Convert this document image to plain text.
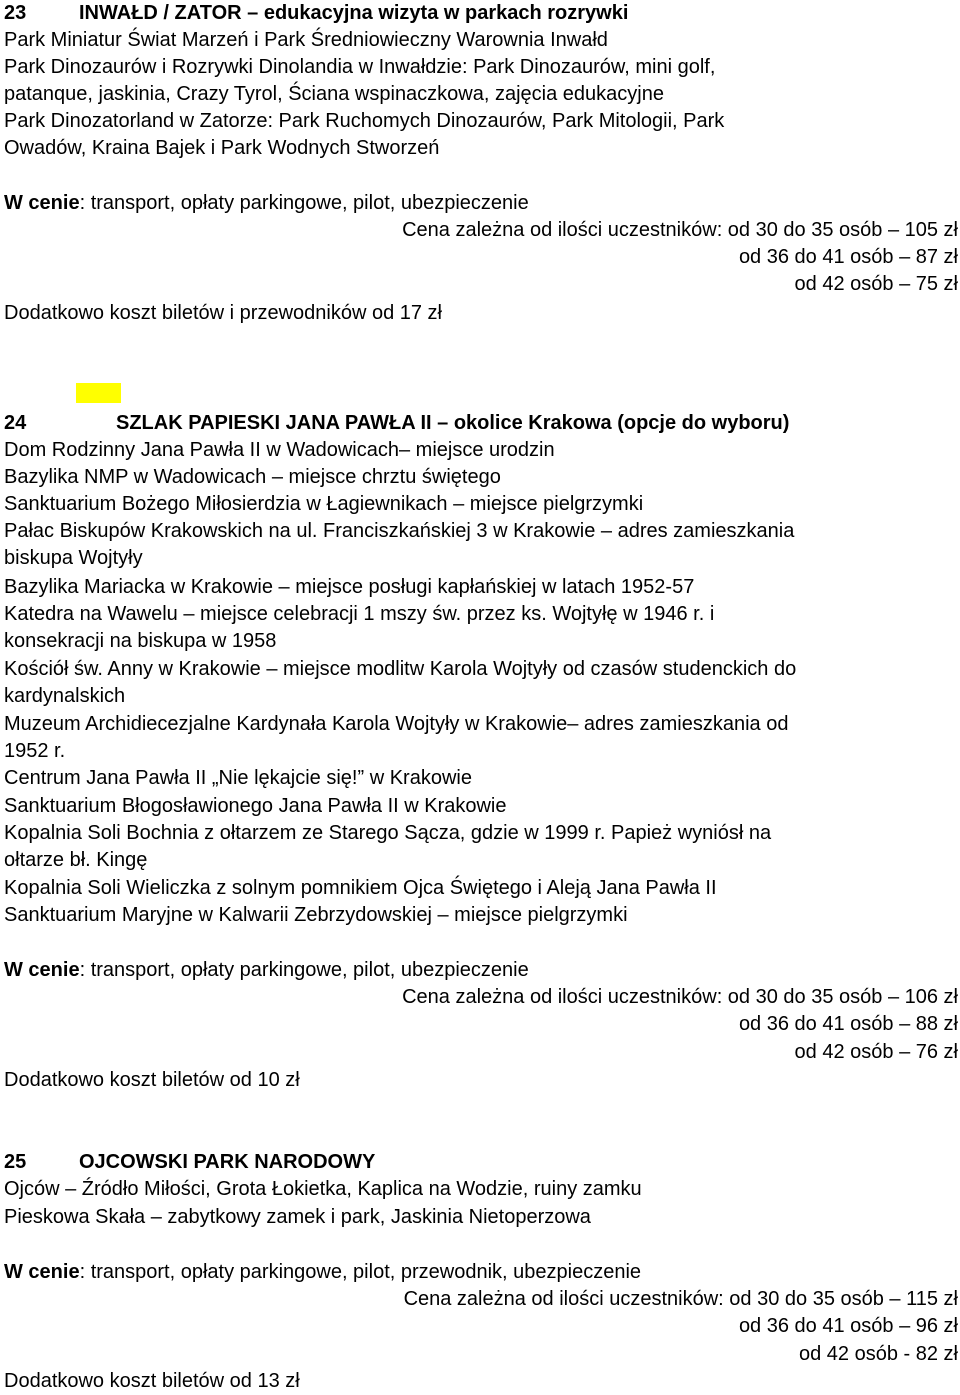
23	INWAŁD / ZATOR – edukacyjna wizyta w parkach rozrywki
Park Miniatur Świat Marzeń i Park Średniowieczny Warownia Inwałd
Park Dinozaurów i Rozrywki Dinolandia w Inwałdzie: Park Dinozaurów, mini golf,
patanque, jaskinia, Crazy Tyrol, Ściana wspinaczkowa, zajęcia edukacyjne
Park Dinozatorland w Zatorze: Park Ruchomych Dinozaurów, Park Mitologii, Park
Owadów, Kraina Bajek i Park Wodnych Stworzeń
W cenie: transport, opłaty parkingowe, pilot, ubezpieczenie
Cena zależna od ilości uczestników: od 30 do 35 osób – 105 zł
od 36 do 41 osób – 87 zł
od 42 osób – 75 zł
Dodatkowo koszt biletów i przewodników od 17 zł
24	SZLAK PAPIESKI JANA PAWŁA II – okolice Krakowa (opcje do wyboru)
Dom Rodzinny Jana Pawła II w Wadowicach– miejsce urodzin
Bazylika NMP w Wadowicach – miejsce chrztu świętego
Sanktuarium Bożego Miłosierdzia w Łagiewnikach – miejsce pielgrzymki
Pałac Biskupów Krakowskich na ul. Franciszkańskiej 3 w Krakowie – adres zamieszkania
biskupa Wojtyły
Bazylika Mariacka w Krakowie – miejsce posługi kapłańskiej w latach 1952-57
Katedra na Wawelu – miejsce celebracji 1 mszy św. przez ks. Wojtyłę w 1946 r. i
konsekracji na biskupa w 1958
Kościół św. Anny w Krakowie – miejsce modlitw Karola Wojtyły od czasów studenckich do
kardynalskich
Muzeum Archidiecezjalne Kardynała Karola Wojtyły w Krakowie– adres zamieszkania od
1952 r.
Centrum Jana Pawła II „Nie lękajcie się!” w Krakowie
Sanktuarium Błogosławionego Jana Pawła II w Krakowie
Kopalnia Soli Bochnia z ołtarzem ze Starego Sącza, gdzie w 1999 r. Papież wyniósł na
ołtarze bł. Kingę
Kopalnia Soli Wieliczka z solnym pomnikiem Ojca Świętego i Aleją Jana Pawła II
Sanktuarium Maryjne w Kalwarii Zebrzydowskiej – miejsce pielgrzymki
W cenie: transport, opłaty parkingowe, pilot, ubezpieczenie
Cena zależna od ilości uczestników: od 30 do 35 osób – 106 zł
od 36 do 41 osób – 88 zł
od 42 osób – 76 zł
Dodatkowo koszt biletów od 10 zł
25	OJCOWSKI PARK NARODOWY
Ojców – Źródło Miłości, Grota Łokietka, Kaplica na Wodzie, ruiny zamku
Pieskowa Skała – zabytkowy zamek i park, Jaskinia Nietoperzowa
W cenie: transport, opłaty parkingowe, pilot, przewodnik, ubezpieczenie
Cena zależna od ilości uczestników: od 30 do 35 osób – 115 zł
od 36 do 41 osób – 96 zł
od 42 osób - 82 zł
Dodatkowo koszt biletów od 13 zł
